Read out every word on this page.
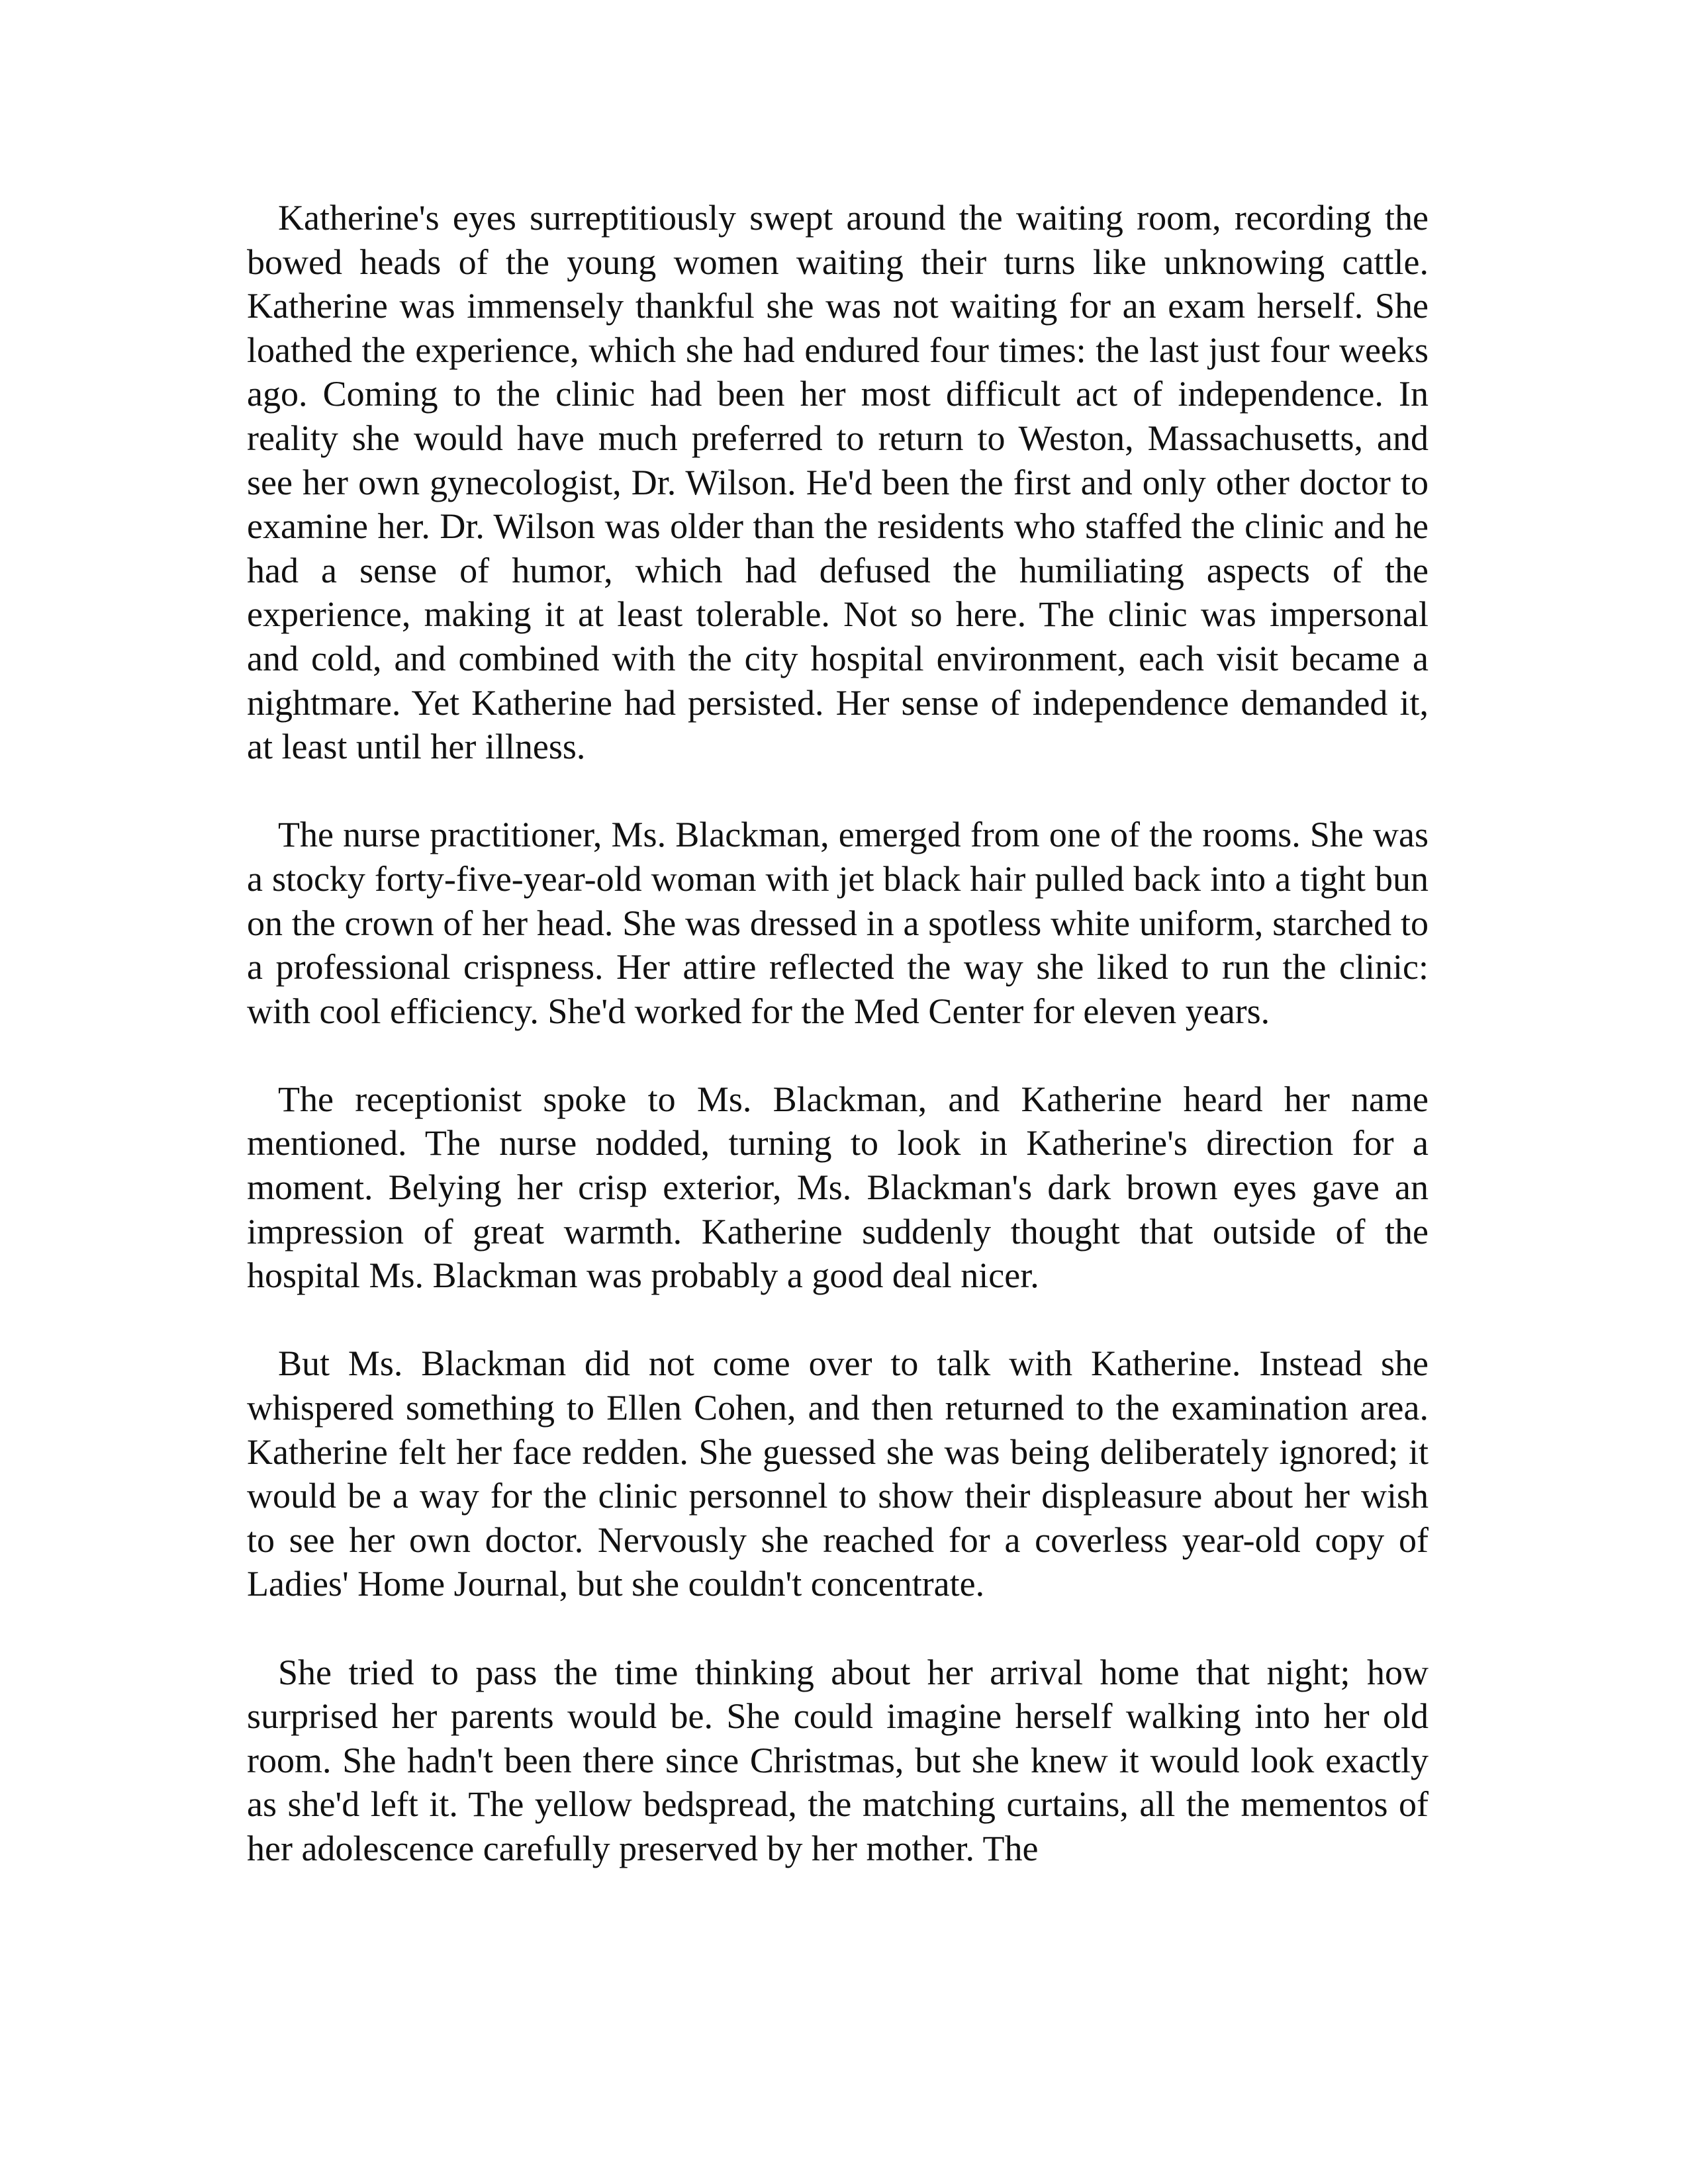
Katherine's eyes surreptitiously swept around the waiting room, recording the bowed heads of the young women waiting their turns like unknowing cattle. Katherine was immensely thankful she was not waiting for an exam herself. She loathed the experience, which she had endured four times: the last just four weeks ago. Coming to the clinic had been her most difficult act of independence. In reality she would have much preferred to return to Weston, Massachusetts, and see her own gynecologist, Dr. Wilson. He'd been the first and only other doctor to examine her. Dr. Wilson was older than the residents who staffed the clinic and he had a sense of humor, which had defused the humiliating aspects of the experience, making it at least tolerable. Not so here. The clinic was impersonal and cold, and combined with the city hospital environment, each visit became a nightmare. Yet Katherine had persisted. Her sense of independence demanded it, at least until her illness.

The nurse practitioner, Ms. Blackman, emerged from one of the rooms. She was a stocky forty-five-year-old woman with jet black hair pulled back into a tight bun on the crown of her head. She was dressed in a spotless white uniform, starched to a professional crispness. Her attire reflected the way she liked to run the clinic: with cool efficiency. She'd worked for the Med Center for eleven years.

The receptionist spoke to Ms. Blackman, and Katherine heard her name mentioned. The nurse nodded, turning to look in Katherine's direction for a moment. Belying her crisp exterior, Ms. Blackman's dark brown eyes gave an impression of great warmth. Katherine suddenly thought that outside of the hospital Ms. Blackman was probably a good deal nicer.

But Ms. Blackman did not come over to talk with Katherine. Instead she whispered something to Ellen Cohen, and then returned to the examination area. Katherine felt her face redden. She guessed she was being deliberately ignored; it would be a way for the clinic personnel to show their displeasure about her wish to see her own doctor. Nervously she reached for a coverless year-old copy of Ladies' Home Journal, but she couldn't concentrate.

She tried to pass the time thinking about her arrival home that night; how surprised her parents would be. She could imagine herself walking into her old room. She hadn't been there since Christmas, but she knew it would look exactly as she'd left it. The yellow bedspread, the matching curtains, all the mementos of her adolescence carefully preserved by her mother. The
